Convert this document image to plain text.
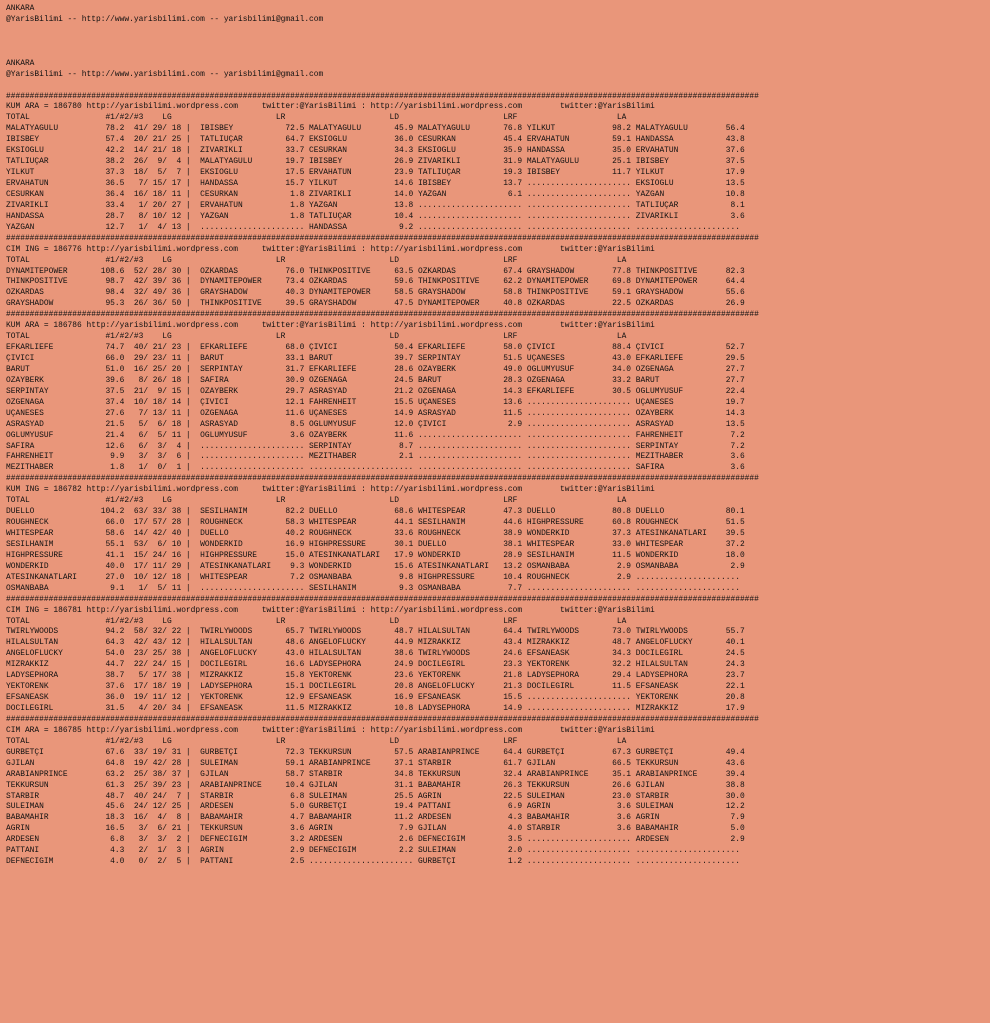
ANKARA
@YarisBilimi -- http://www.yarisbilimi.com -- yarisbilimi@gmail.com
ANKARA
@YarisBilimi -- http://www.yarisbilimi.com -- yarisbilimi@gmail.com
###############################################################################################################################################################
KUM ARA = 186780 http://yarisbilimi.wordpress.com     twitter:@YarisBilimi : http://yarisbilimi.wordpress.com        twitter:@YarisBilimi
TOTAL                #1/#2/#3    LG                      LR                      LD                      LRF                     LA
MALATYAGÜLÜ          78.2  41/ 29/ 18 |  IBISBEY           72.5 MALATYAGÜLÜ       45.9 MALATYAGÜLÜ       76.8 YILKUT            98.2 MALATYAGÜLÜ        56.4
IBISBEY              57.4  20/ 21/ 25 |  TATLIÜÇAR         64.7 EKSIOGLU          36.0 CESURKAN          45.4 ERVAHATUN         59.1 HANDASSA           43.8
EKSIOGLU             42.2  14/ 21/ 18 |  ZIVARIKLI         33.7 CESURKAN          34.3 EKSIOGLU          35.9 HANDASSA          35.0 ERVAHATUN          37.6
TATLIÜÇAR            38.2  26/  9/  4 |  MALATYAGÜLÜ       19.7 IBISBEY           26.9 ZIVARIKLI         31.9 MALATYAGÜLÜ       25.1 IBISBEY            37.5
YILKUT               37.3  18/  5/  7 |  EKSIOGLU          17.5 ERVAHATUN         23.9 TATLIÜÇAR         19.3 IBISBEY           11.7 YILKUT             17.9
ERVAHATUN            36.5   7/ 15/ 17 |  HANDASSA          15.7 YILKUT            14.6 IBISBEY           13.7 ...................... EKSIOGLU           13.5
CESURKAN             36.4  16/ 18/ 11 |  CESURKAN           1.8 ZIVARIKLI         14.0 YAZGAN             6.1 ...................... YAZGAN             10.8
ZIVARIKLI            33.4   1/ 20/ 27 |  ERVAHATUN          1.8 YAZGAN            13.8 ...................... ...................... TATLIÜÇAR           8.1
HANDASSA             28.7   8/ 10/ 12 |  YAZGAN             1.8 TATLIÜÇAR         10.4 ...................... ...................... ZIVARIKLI           3.6
YAZGAN               12.7   1/  4/ 13 |  ...................... HANDASSA           9.2 ...................... ...................... ......................
###############################################################################################################################################################
CIM ING = 186776 http://yarisbilimi.wordpress.com     twitter:@YarisBilimi : http://yarisbilimi.wordpress.com        twitter:@YarisBilimi
TOTAL                #1/#2/#3    LG                      LR                      LD                      LRF                     LA
DYNAMITEPOWER       108.6  52/ 28/ 30 |  ÖZKARDAS          76.0 THINKPOSITIVE     63.5 ÖZKARDAS          67.4 GRAYSHADOW        77.8 THINKPOSITIVE      82.3
THINKPOSITIVE        98.7  42/ 39/ 36 |  DYNAMITEPOWER     73.4 ÖZKARDAS          59.6 THINKPOSITIVE     62.2 DYNAMITEPOWER     69.8 DYNAMITEPOWER      64.4
ÖZKARDAS             98.4  32/ 49/ 36 |  GRAYSHADOW        40.3 DYNAMITEPOWER     58.5 GRAYSHADOW        58.8 THINKPOSITIVE     59.1 GRAYSHADOW         55.6
GRAYSHADOW           95.3  26/ 36/ 50 |  THINKPOSITIVE     39.5 GRAYSHADOW        47.5 DYNAMITEPOWER     40.8 ÖZKARDAS          22.5 ÖZKARDAS           26.9
###############################################################################################################################################################
KUM ARA = 186786 http://yarisbilimi.wordpress.com     twitter:@YarisBilimi : http://yarisbilimi.wordpress.com        twitter:@YarisBilimi
TOTAL                #1/#2/#3    LG                      LR                      LD                      LRF                     LA
EFKARLIEFE           74.7  40/ 21/ 23 |  EFKARLIEFE        68.0 ÇIVICI            50.4 EFKARLIEFE        58.0 ÇIVICI            88.4 ÇIVICI             52.7
ÇIVICI               66.0  29/ 23/ 11 |  BARUT             33.1 BARUT             39.7 SERPINTAY         51.5 UÇANESES          43.0 EFKARLIEFE         29.5
BARUT                51.0  16/ 25/ 20 |  SERPINTAY         31.7 EFKARLIEFE        28.6 ÖZAYBERK          49.0 OGLUMYUSUF        34.0 ÖZGENAGA           27.7
ÖZAYBERK             39.6   8/ 26/ 18 |  SAFIRA            30.9 ÖZGENAGA          24.5 BARUT             28.3 ÖZGENAGA          33.2 BARUT              27.7
SERPINTAY            37.5  21/  9/ 15 |  ÖZAYBERK          29.7 ASRASYAD          21.2 ÖZGENAGA          14.3 EFKARLIEFE        30.5 OGLUMYUSUF         22.4
ÖZGENAGA             37.4  10/ 18/ 14 |  ÇIVICI            12.1 FAHRENHEIT        15.5 UÇANESES          13.6 ...................... UÇANESES           19.7
UÇANESES             27.6   7/ 13/ 11 |  ÖZGENAGA          11.6 UÇANESES          14.9 ASRASYAD          11.5 ...................... ÖZAYBERK           14.3
ASRASYAD             21.5   5/  6/ 18 |  ASRASYAD           8.5 OGLUMYUSUF        12.0 ÇIVICI             2.9 ...................... ASRASYAD           13.5
OGLUMYUSUF           21.4   6/  5/ 11 |  OGLUMYUSUF         3.6 ÖZAYBERK          11.6 ...................... ...................... FAHRENHEIT          7.2
SAFIRA               12.6   6/  3/  4 |  ...................... SERPINTAY          8.7 ...................... ...................... SERPINTAY           7.2
FAHRENHEIT            9.9   3/  3/  6 |  ...................... MEZITHABER         2.1 ...................... ...................... MEZITHABER          3.6
MEZITHABER            1.8   1/  0/  1 |  ...................... ...................... ...................... ...................... SAFIRA              3.6
###############################################################################################################################################################
KUM ING = 186782 http://yarisbilimi.wordpress.com     twitter:@YarisBilimi : http://yarisbilimi.wordpress.com        twitter:@YarisBilimi
TOTAL                #1/#2/#3    LG                      LR                      LD                      LRF                     LA
DUELLO              104.2  63/ 33/ 38 |  SESILHANIM        82.2 DUELLO            68.6 WHITESPEAR        47.3 DUELLO            80.8 DUELLO             80.1
ROUGHNECK            66.0  17/ 57/ 28 |  ROUGHNECK         58.3 WHITESPEAR        44.1 SESILHANIM        44.6 HIGHPRESSURE      60.8 ROUGHNECK          51.5
WHITESPEAR           58.6  14/ 42/ 40 |  DUELLO            40.2 ROUGHNECK         33.6 ROUGHNECK         38.9 WONDERKID         37.3 ATESINKANATLARI    39.5
SESILHANIM           55.1  53/  6/ 10 |  WONDERKID         16.9 HIGHPRESSURE      30.1 DUELLO            38.1 WHITESPEAR        33.0 WHITESPEAR         37.2
HIGHPRESSURE         41.1  15/ 24/ 16 |  HIGHPRESSURE      15.0 ATESINKANATLARI   17.9 WONDERKID         28.9 SESILHANIM        11.5 WONDERKID          18.0
WONDERKID            40.0  17/ 11/ 29 |  ATESINKANATLARI    9.3 WONDERKID         15.6 ATESINKANATLARI   13.2 OSMANBABA          2.9 OSMANBABA           2.9
ATESINKANATLARI      27.0  10/ 12/ 18 |  WHITESPEAR         7.2 OSMANBABA          9.8 HIGHPRESSURE      10.4 ROUGHNECK          2.9 ......................
OSMANBABA             9.1   1/  5/ 11 |  ...................... SESILHANIM         9.3 OSMANBABA          7.7 ...................... ......................
###############################################################################################################################################################
CIM ING = 186781 http://yarisbilimi.wordpress.com     twitter:@YarisBilimi : http://yarisbilimi.wordpress.com        twitter:@YarisBilimi
TOTAL                #1/#2/#3    LG                      LR                      LD                      LRF                     LA
TWIRLYWOODS          94.2  58/ 32/ 22 |  TWIRLYWOODS       65.7 TWIRLYWOODS       48.7 HILALSULTAN       64.4 TWIRLYWOODS       73.0 TWIRLYWOODS        55.7
HILALSULTAN          64.3  42/ 43/ 12 |  HILALSULTAN       48.6 ANGELOFLUCKY      44.9 MIZRAKKIZ         43.4 MIZRAKKIZ         48.7 ANGELOFLUCKY       40.1
ANGELOFLUCKY         54.0  23/ 25/ 38 |  ANGELOFLUCKY      43.0 HILALSULTAN       38.6 TWIRLYWOODS       24.6 EFSANEASK         34.3 DOCILEGIRL         24.5
MIZRAKKIZ            44.7  22/ 24/ 15 |  DOCILEGIRL        16.6 LADYSEPHORA       24.9 DOCILEGIRL        23.3 YEKTORENK         32.2 HILALSULTAN        24.3
LADYSEPHORA          38.7   5/ 17/ 38 |  MIZRAKKIZ         15.8 YEKTORENK         23.6 YEKTORENK         21.8 LADYSEPHORA       29.4 LADYSEPHORA        23.7
YEKTORENK            37.6  17/ 18/ 19 |  LADYSEPHORA       15.1 DOCILEGIRL        20.8 ANGELOFLUCKY      21.3 DOCILEGIRL        11.5 EFSANEASK          22.1
EFSANEASK            36.0  19/ 11/ 12 |  YEKTORENK         12.9 EFSANEASK         16.9 EFSANEASK         15.5 ...................... YEKTORENK          20.8
DOCILEGIRL           31.5   4/ 20/ 34 |  EFSANEASK         11.5 MIZRAKKIZ         10.8 LADYSEPHORA       14.9 ...................... MIZRAKKIZ          17.9
###############################################################################################################################################################
CIM ARA = 186785 http://yarisbilimi.wordpress.com     twitter:@YarisBilimi : http://yarisbilimi.wordpress.com        twitter:@YarisBilimi
TOTAL                #1/#2/#3    LG                      LR                      LD                      LRF                     LA
GURBETÇI             67.6  33/ 19/ 31 |  GURBETÇI          72.3 TEKKURSUN         57.5 ARABIANPRINCE     64.4 GURBETÇI          67.3 GURBETÇI           49.4
GJILAN               64.8  19/ 42/ 28 |  SULEIMAN          59.1 ARABIANPRINCE     37.1 STARBIR           61.7 GJILAN            66.5 TEKKURSUN          43.6
ARABIANPRINCE        63.2  25/ 38/ 37 |  GJILAN            58.7 STARBIR           34.8 TEKKURSUN         32.4 ARABIANPRINCE     35.1 ARABIANPRINCE      39.4
TEKKURSUN            61.3  25/ 39/ 23 |  ARABIANPRINCE     10.4 GJILAN            31.1 BABAMAHIR         26.3 TEKKURSUN         26.6 GJILAN             38.8
STARBIR              48.7  40/ 24/  7 |  STARBIR            6.8 SULEIMAN          25.5 AGRIN             22.5 SULEIMAN          23.0 STARBIR            30.0
SULEIMAN             45.6  24/ 12/ 25 |  ARDESEN            5.0 GURBETÇI          19.4 PATTANI            6.9 AGRIN              3.6 SULEIMAN           12.2
BABAMAHIR            18.3  16/  4/  8 |  BABAMAHIR          4.7 BABAMAHIR         11.2 ARDESEN            4.3 BABAMAHIR          3.6 AGRIN               7.9
AGRIN                16.5   3/  6/ 21 |  TEKKURSUN          3.6 AGRIN              7.9 GJILAN             4.0 STARBIR            3.6 BABAMAHIR           5.0
ARDESEN               6.8   3/  3/  2 |  DEFNECIGIM         3.2 ARDESEN            2.6 DEFNECIGIM         3.5 ...................... ARDESEN             2.9
PATTANI               4.3   2/  1/  3 |  AGRIN              2.9 DEFNECIGIM         2.2 SULEIMAN           2.0 ...................... ......................
DEFNECIGIM            4.0   0/  2/  5 |  PATTANI            2.5 ...................... GURBETÇI           1.2 ...................... ......................
